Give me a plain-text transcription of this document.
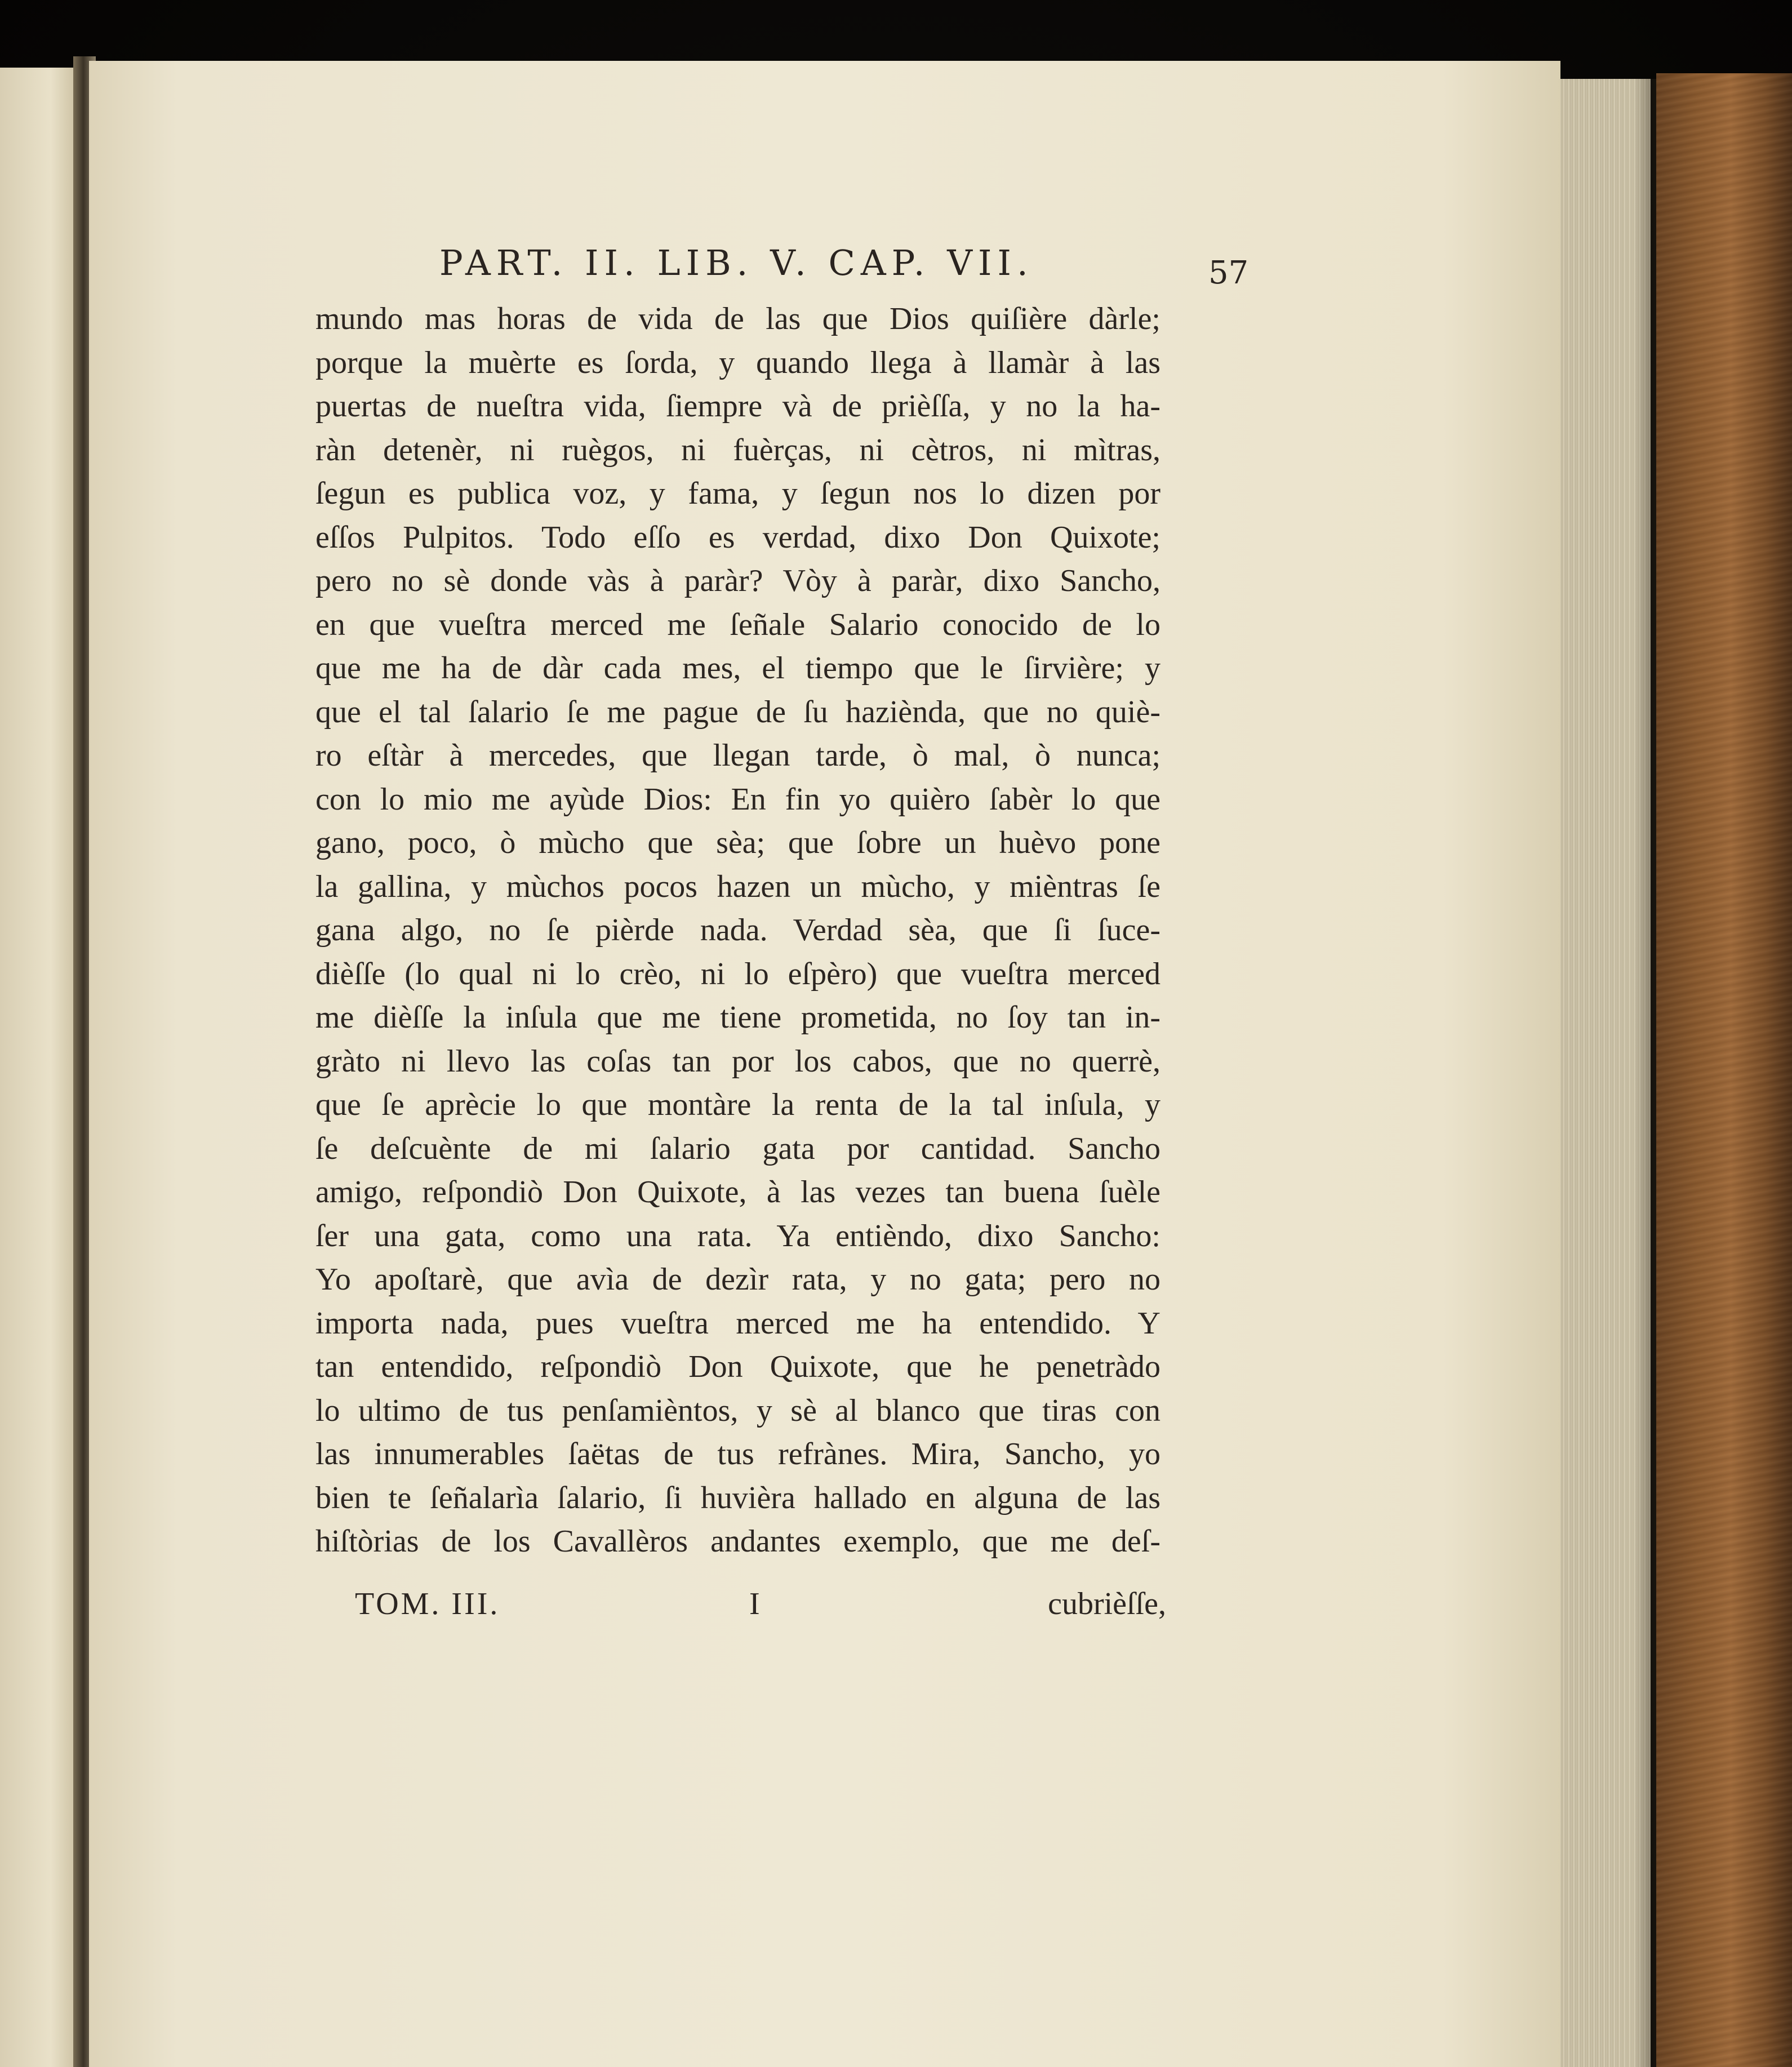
PART. II. LIB. V. CAP. VII.	57
mundo mas horas de vida de las que Dios quiſière dàrle;
porque la muèrte es ſorda, y quando llega à llamàr à las
puertas de nueſtra vida, ſiempre và de prièſſa, y no la ha-
ràn detenèr, ni ruègos, ni fuèrças, ni cètros, ni mìtras,
ſegun es publica voz, y fama, y ſegun nos lo dizen por
eſſos Pulpitos. Todo eſſo es verdad, dixo Don Quixote;
pero no sè donde vàs à paràr? Vòy à paràr, dixo Sancho,
en que vueſtra merced me ſeñale Salario conocido de lo
que me ha de dàr cada mes, el tiempo que le ſirvière; y
que el tal ſalario ſe me pague de ſu haziènda, que no quiè-
ro eſtàr à mercedes, que llegan tarde, ò mal, ò nunca;
con lo mio me ayùde Dios: En fin yo quièro ſabèr lo que
gano, poco, ò mùcho que sèa; que ſobre un huèvo pone
la gallina, y mùchos pocos hazen un mùcho, y mièntras ſe
gana algo, no ſe pièrde nada. Verdad sèa, que ſi ſuce-
dièſſe (lo qual ni lo crèo, ni lo eſpèro) que vueſtra merced
me dièſſe la inſula que me tiene prometida, no ſoy tan in-
gràto ni llevo las coſas tan por los cabos, que no querrè,
que ſe aprècie lo que montàre la renta de la tal inſula, y
ſe deſcuènte de mi ſalario gata por cantidad. Sancho
amigo, reſpondiò Don Quixote, à las vezes tan buena ſuèle
ſer una gata, como una rata. Ya entièndo, dixo Sancho:
Yo apoſtarè, que avìa de dezìr rata, y no gata; pero no
importa nada, pues vueſtra merced me ha entendido. Y
tan entendido, reſpondiò Don Quixote, que he penetràdo
lo ultimo de tus penſamièntos, y sè al blanco que tiras con
las innumerables ſaëtas de tus refrànes. Mira, Sancho, yo
bien te ſeñalarìa ſalario, ſi huvièra hallado en alguna de las
hiſtòrias de los Cavallèros andantes exemplo, que me deſ-
TOM. III.	I	cubrièſſe,
